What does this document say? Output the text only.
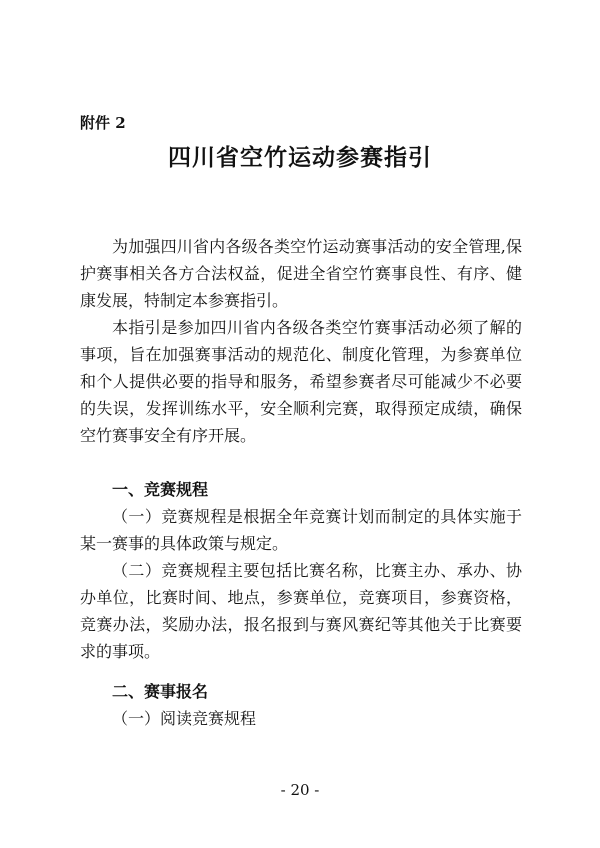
附件 2
四川省空竹运动参赛指引

为加强四川省内各级各类空竹运动赛事活动的安全管理,保护赛事相关各方合法权益，促进全省空竹赛事良性、有序、健康发展，特制定本参赛指引。

本指引是参加四川省内各级各类空竹赛事活动必须了解的事项，旨在加强赛事活动的规范化、制度化管理，为参赛单位和个人提供必要的指导和服务，希望参赛者尽可能减少不必要的失误，发挥训练水平，安全顺利完赛，取得预定成绩，确保空竹赛事安全有序开展。

一、竞赛规程

（一）竞赛规程是根据全年竞赛计划而制定的具体实施于某一赛事的具体政策与规定。

（二）竞赛规程主要包括比赛名称，比赛主办、承办、协办单位，比赛时间、地点，参赛单位，竞赛项目，参赛资格，竞赛办法，奖励办法，报名报到与赛风赛纪等其他关于比赛要求的事项。

二、赛事报名
（一）阅读竞赛规程
- 20 -
